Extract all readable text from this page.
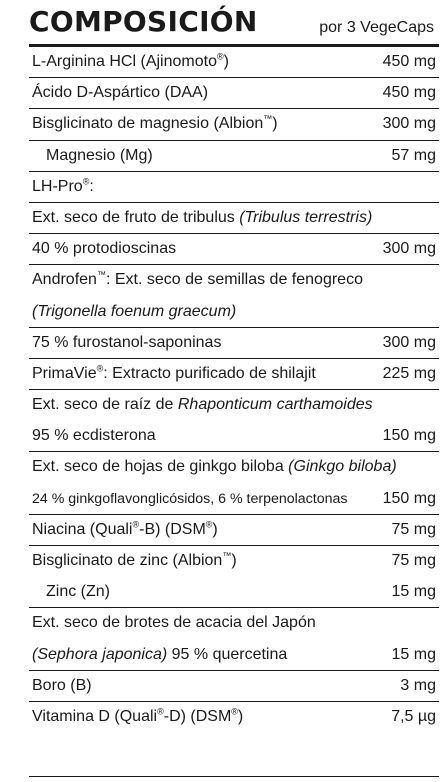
COMPOSICIÓN	por 3 VegeCaps
L-Arginina HCl (Ajinomoto®)	450 mg
Ácido D-Aspártico (DAA)	450 mg
Bisglicinato de magnesio (Albion™)	300 mg
Magnesio (Mg)	57 mg
LH-Pro®:
Ext. seco de fruto de tribulus (Tribulus terrestris)
40 % protodioscinas	300 mg
Androfen™: Ext. seco de semillas de fenogreco
(Trigonella foenum graecum)
75 % furostanol-saponinas	300 mg
PrimaVie®: Extracto purificado de shilajit	225 mg
Ext. seco de raíz de Rhaponticum carthamoides
95 % ecdisterona	150 mg
Ext. seco de hojas de ginkgo biloba (Ginkgo biloba)
24 % ginkgoflavonglicósidos, 6 % terpenolactonas 150 mg
Niacina (Quali®-B) (DSM®)	75 mg
Bisglicinato de zinc (Albion™)	75 mg
Zinc (Zn)	15 mg
Ext. seco de brotes de acacia del Japón
(Sephora japonica) 95 % quercetina	15 mg
Boro (B)	3 mg
Vitamina D (Quali®-D) (DSM®)	7,5 µg
